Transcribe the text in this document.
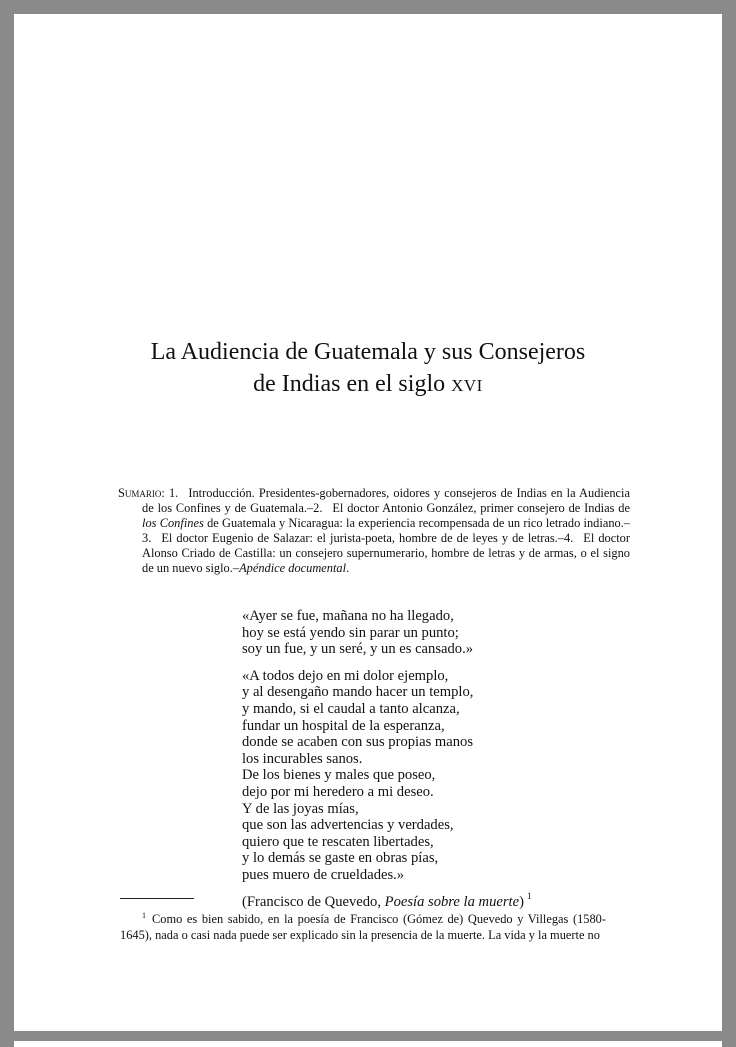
La Audiencia de Guatemala y sus Consejeros
de Indias en el siglo xvi
Sumario: 1. Introducción. Presidentes-gobernadores, oidores y consejeros de Indias en la Audiencia de los Confines y de Guatemala.–2. El doctor Antonio González, primer consejero de Indias de los Confines de Guatemala y Nicaragua: la experiencia recompensada de un rico letrado indiano.–3. El doctor Eugenio de Salazar: el jurista-poeta, hombre de de leyes y de letras.–4. El doctor Alonso Criado de Castilla: un consejero supernumerario, hombre de letras y de armas, o el signo de un nuevo siglo.–Apéndice documental.
«Ayer se fue, mañana no ha llegado,
hoy se está yendo sin parar un punto;
soy un fue, y un seré, y un es cansado.»
«A todos dejo en mi dolor ejemplo,
y al desengaño mando hacer un templo,
y mando, si el caudal a tanto alcanza,
fundar un hospital de la esperanza,
donde se acaben con sus propias manos
los incurables sanos.
De los bienes y males que poseo,
dejo por mi heredero a mi deseo.
Y de las joyas mías,
que son las advertencias y verdades,
quiero que te rescaten libertades,
y lo demás se gaste en obras pías,
pues muero de crueldades.»
(Francisco de Quevedo, Poesía sobre la muerte) $^1$
$^1$ Como es bien sabido, en la poesía de Francisco (Gómez de) Quevedo y Villegas (1580-1645), nada o casi nada puede ser explicado sin la presencia de la muerte. La vida y la muerte no
